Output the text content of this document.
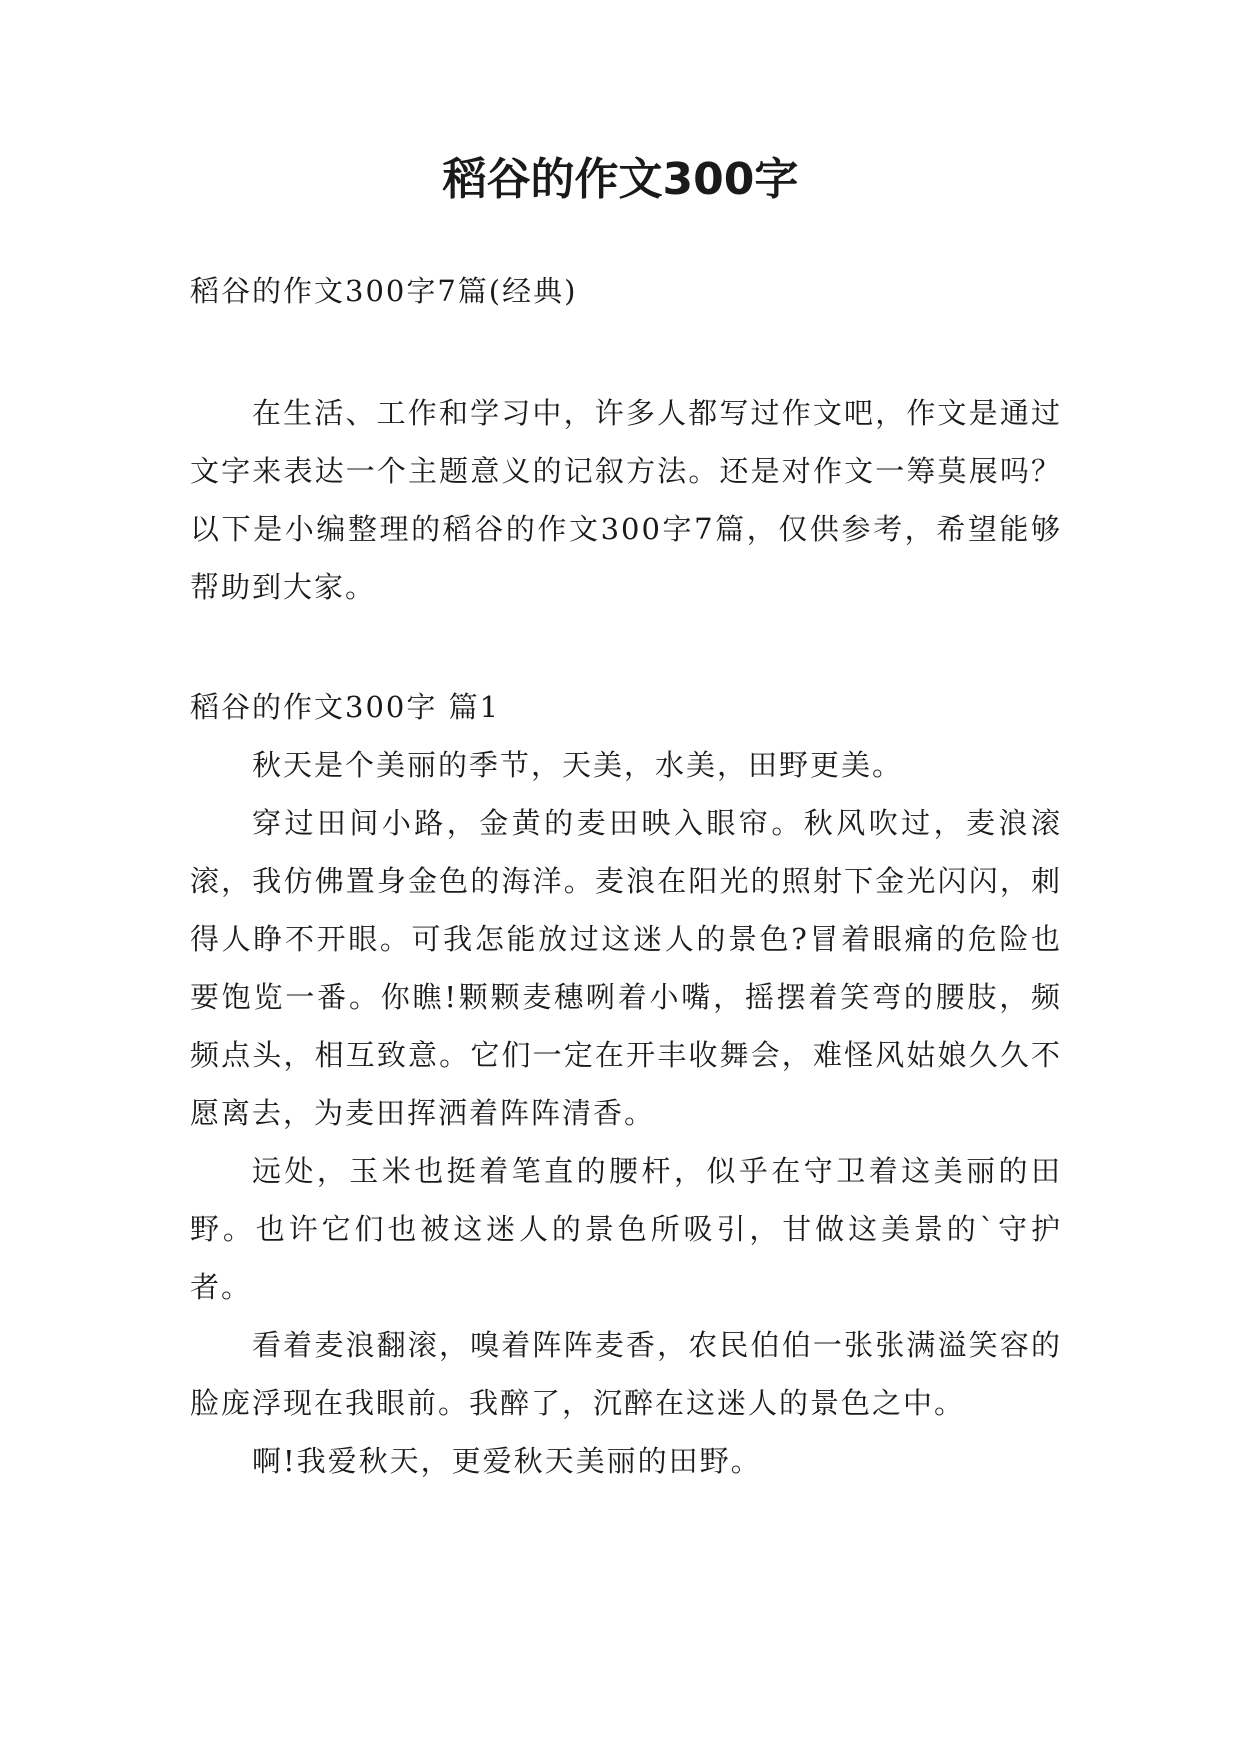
稻谷的作文300字

稻谷的作文300字7篇(经典)

在生活、工作和学习中，许多人都写过作文吧，作文是通过文字来表达一个主题意义的记叙方法。还是对作文一筹莫展吗？以下是小编整理的稻谷的作文300字7篇，仅供参考，希望能够帮助到大家。

稻谷的作文300字 篇1

秋天是个美丽的季节，天美，水美，田野更美。

穿过田间小路，金黄的麦田映入眼帘。秋风吹过，麦浪滚滚，我仿佛置身金色的海洋。麦浪在阳光的照射下金光闪闪，刺得人睁不开眼。可我怎能放过这迷人的景色?冒着眼痛的危险也要饱览一番。你瞧!颗颗麦穗咧着小嘴，摇摆着笑弯的腰肢，频频点头，相互致意。它们一定在开丰收舞会，难怪风姑娘久久不愿离去，为麦田挥洒着阵阵清香。

远处，玉米也挺着笔直的腰杆，似乎在守卫着这美丽的田野。也许它们也被这迷人的景色所吸引，甘做这美景的`守护者。

看着麦浪翻滚，嗅着阵阵麦香，农民伯伯一张张满溢笑容的脸庞浮现在我眼前。我醉了，沉醉在这迷人的景色之中。

啊!我爱秋天，更爱秋天美丽的田野。
